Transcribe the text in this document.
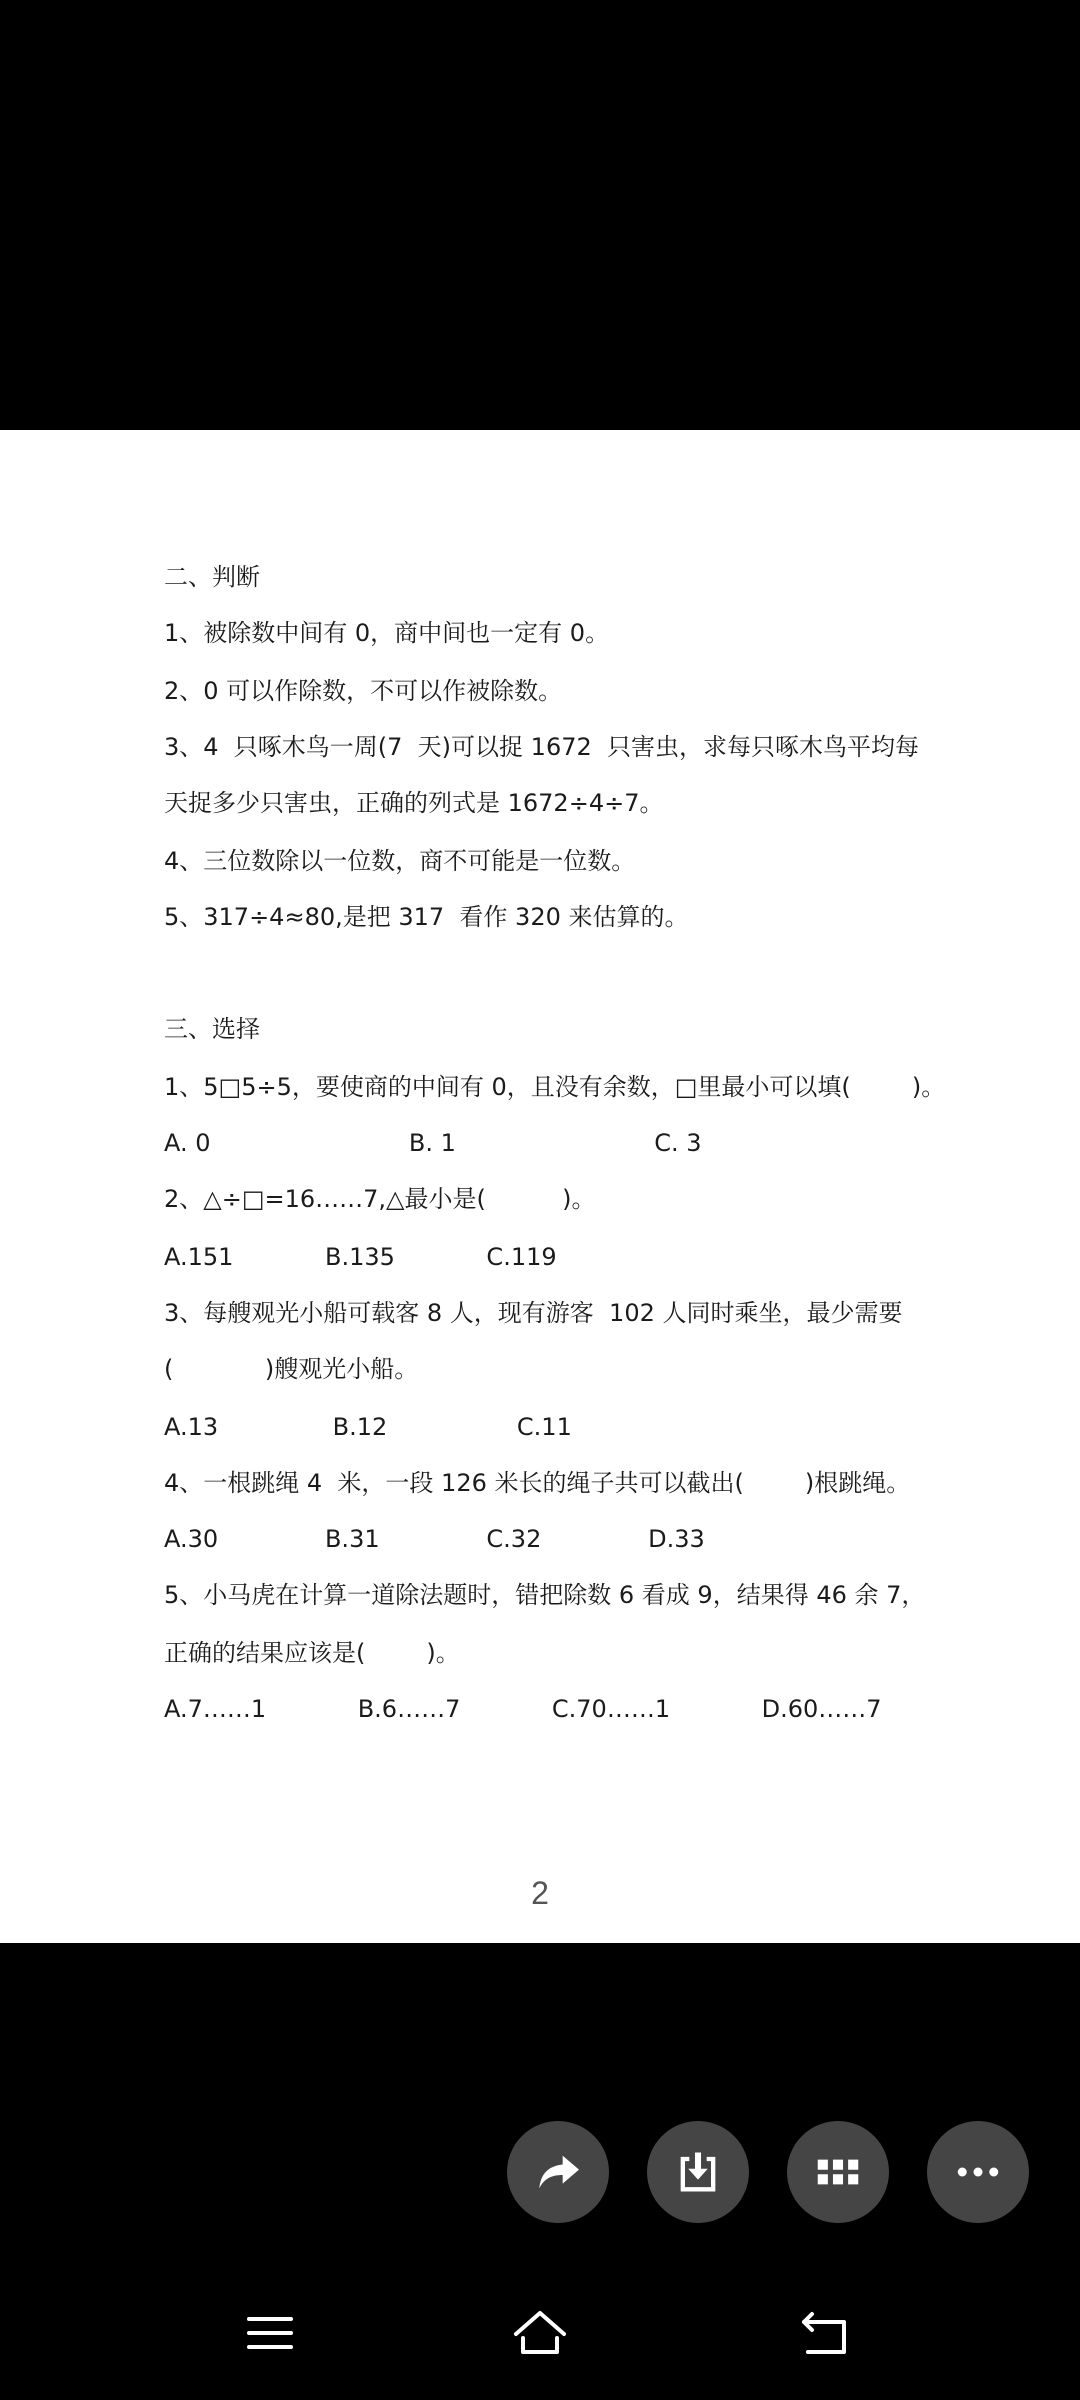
二、判断
1、被除数中间有 0，商中间也一定有 0。
2、0 可以作除数，不可以作被除数。
3、4  只啄木鸟一周(7  天)可以捉 1672  只害虫，求每只啄木鸟平均每
天捉多少只害虫，正确的列式是 1672÷4÷7。
4、三位数除以一位数，商不可能是一位数。
5、317÷4≈80,是把 317  看作 320 来估算的。
三、选择
1、5□5÷5，要使商的中间有 0，且没有余数，□里最小可以填(        )。
A. 0                          B. 1                          C. 3
2、△÷□=16……7,△最小是(          )。
A.151            B.135            C.119
3、每艘观光小船可载客 8 人，现有游客  102 人同时乘坐，最少需要
(            )艘观光小船。
A.13               B.12                 C.11
4、一根跳绳 4  米，一段 126 米长的绳子共可以截出(        )根跳绳。
A.30              B.31              C.32              D.33
5、小马虎在计算一道除法题时，错把除数 6 看成 9，结果得 46 余 7，
正确的结果应该是(        )。
A.7……1            B.6……7            C.70……1            D.60……7
2
